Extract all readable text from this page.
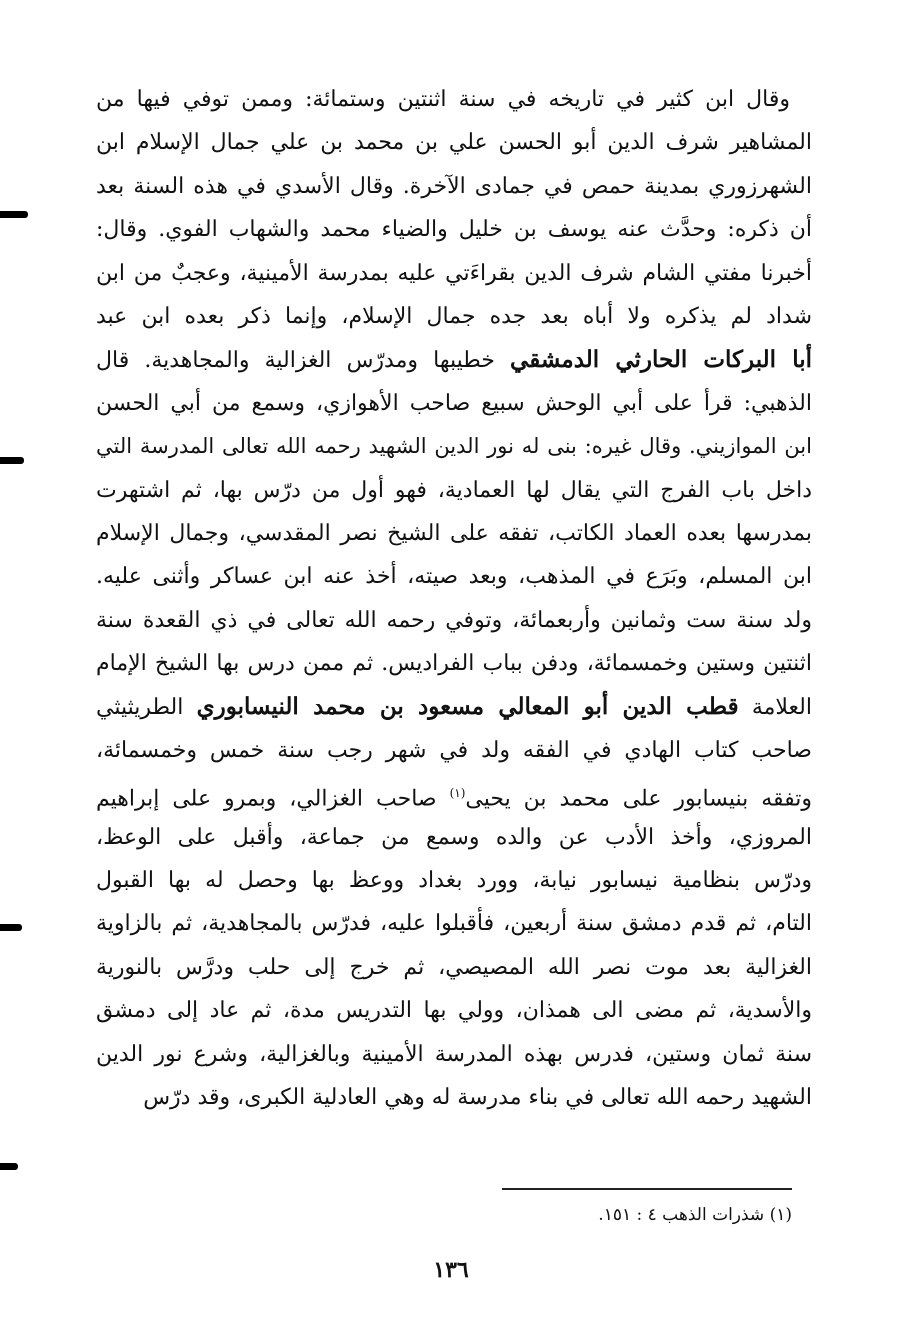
وقال ابن كثير في تاريخه في سنة اثنتين وستمائة: وممن توفي فيها من
المشاهير شرف الدين أبو الحسن علي بن محمد بن علي جمال الإسلام ابن
الشهرزوري بمدينة حمص في جمادى الآخرة. وقال الأسدي في هذه السنة بعد
أن ذكره: وحدَّث عنه يوسف بن خليل والضياء محمد والشهاب الفوي. وقال:
أخبرنا مفتي الشام شرف الدين بقراءَتي عليه بمدرسة الأمينية، وعجبٌ من ابن
شداد لم يذكره ولا أباه بعد جده جمال الإسلام، وإنما ذكر بعده ابن عبد
أبا البركات الحارثي الدمشقي خطيبها ومدرّس الغزالية والمجاهدية. قال
الذهبي: قرأ على أبي الوحش سبيع صاحب الأهوازي، وسمع من أبي الحسن
ابن الموازيني. وقال غيره: بنى له نور الدين الشهيد رحمه الله تعالى المدرسة التي
داخل باب الفرج التي يقال لها العمادية، فهو أول من درّس بها، ثم اشتهرت
بمدرسها بعده العماد الكاتب، تفقه على الشيخ نصر المقدسي، وجمال الإسلام
ابن المسلم، وبَرَع في المذهب، وبعد صيته، أخذ عنه ابن عساكر وأثنى عليه.
ولد سنة ست وثمانين وأربعمائة، وتوفي رحمه الله تعالى في ذي القعدة سنة
اثنتين وستين وخمسمائة، ودفن بباب الفراديس. ثم ممن درس بها الشيخ الإمام
العلامة قطب الدين أبو المعالي مسعود بن محمد النيسابوري الطريثيثي
صاحب كتاب الهادي في الفقه ولد في شهر رجب سنة خمس وخمسمائة،
وتفقه بنيسابور على محمد بن يحيى$^{(١)}$ صاحب الغزالي، وبمرو على إبراهيم
المروزي، وأخذ الأدب عن والده وسمع من جماعة، وأقبل على الوعظ،
ودرّس بنظامية نيسابور نيابة، وورد بغداد ووعظ بها وحصل له بها القبول
التام، ثم قدم دمشق سنة أربعين، فأقبلوا عليه، فدرّس بالمجاهدية، ثم بالزاوية
الغزالية بعد موت نصر الله المصيصي، ثم خرج إلى حلب ودرَّس بالنورية
والأسدية، ثم مضى الى همذان، وولي بها التدريس مدة، ثم عاد إلى دمشق
سنة ثمان وستين، فدرس بهذه المدرسة الأمينية وبالغزالية، وشرع نور الدين
الشهيد رحمه الله تعالى في بناء مدرسة له وهي العادلية الكبرى، وقد درّس
(١) شذرات الذهب ٤ : ١٥١.
١٣٦
